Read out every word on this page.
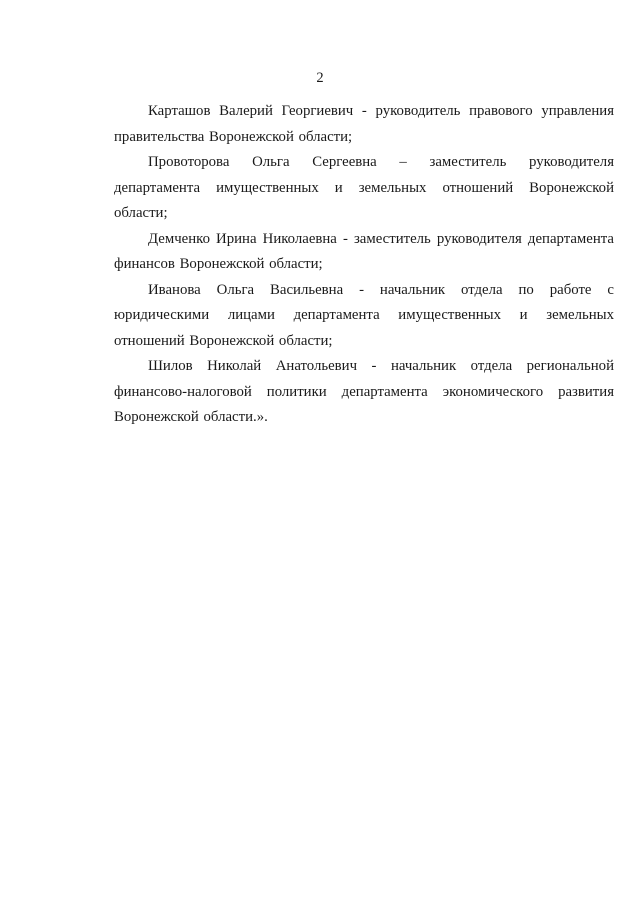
2

Карташов Валерий Георгиевич - руководитель правового управления правительства Воронежской области;

Провоторова Ольга Сергеевна – заместитель руководителя департамента имущественных и земельных отношений Воронежской области;

Демченко Ирина Николаевна - заместитель руководителя департамента финансов Воронежской области;

Иванова Ольга Васильевна - начальник отдела по работе с юридическими лицами департамента имущественных и земельных отношений Воронежской области;

Шилов Николай Анатольевич - начальник отдела региональной финансово-налоговой политики департамента экономического развития Воронежской области.».
